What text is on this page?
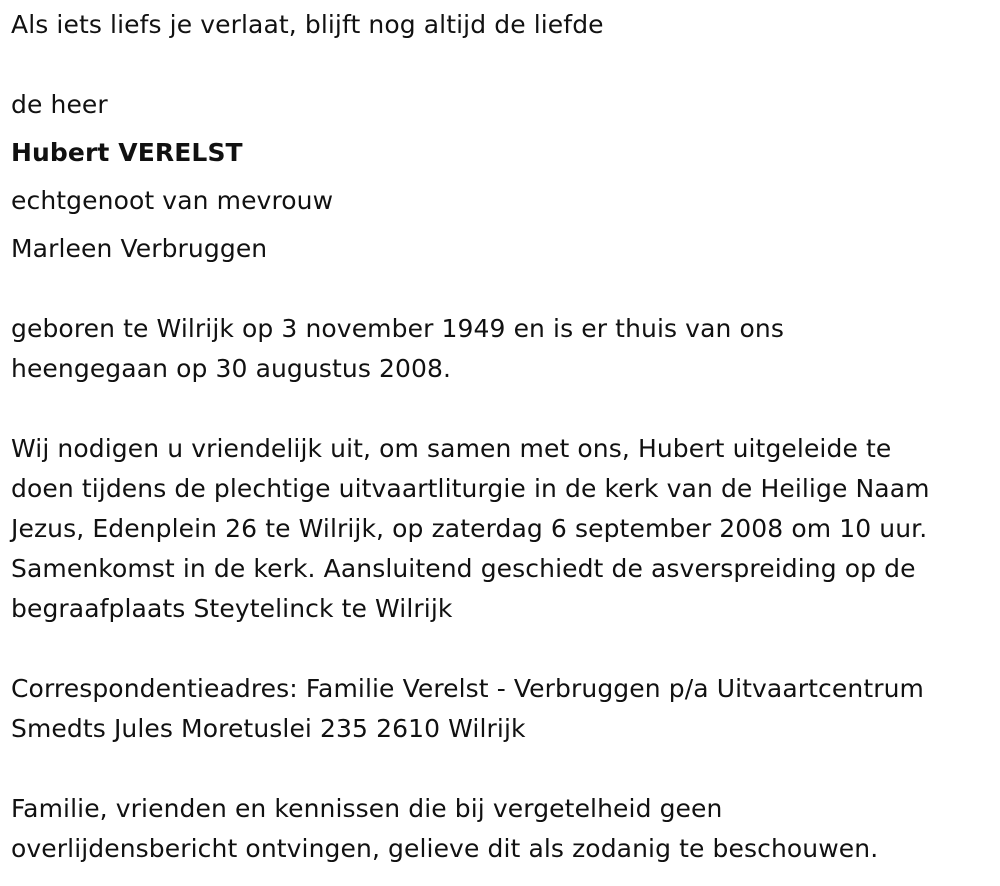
Als iets liefs je verlaat, blijft nog altijd de liefde
de heer
Hubert VERELST
echtgenoot van mevrouw
Marleen Verbruggen
geboren te Wilrijk op 3 november 1949 en is er thuis van ons
heengegaan op 30 augustus 2008.
Wij nodigen u vriendelijk uit, om samen met ons, Hubert uitgeleide te
doen tijdens de plechtige uitvaartliturgie in de kerk van de Heilige Naam
Jezus, Edenplein 26 te Wilrijk, op zaterdag 6 september 2008 om 10 uur.
Samenkomst in de kerk. Aansluitend geschiedt de asverspreiding op de
begraafplaats Steytelinck te Wilrijk
Correspondentieadres: Familie Verelst - Verbruggen p/a Uitvaartcentrum
Smedts Jules Moretuslei 235 2610 Wilrijk
Familie, vrienden en kennissen die bij vergetelheid geen
overlijdensbericht ontvingen, gelieve dit als zodanig te beschouwen.
